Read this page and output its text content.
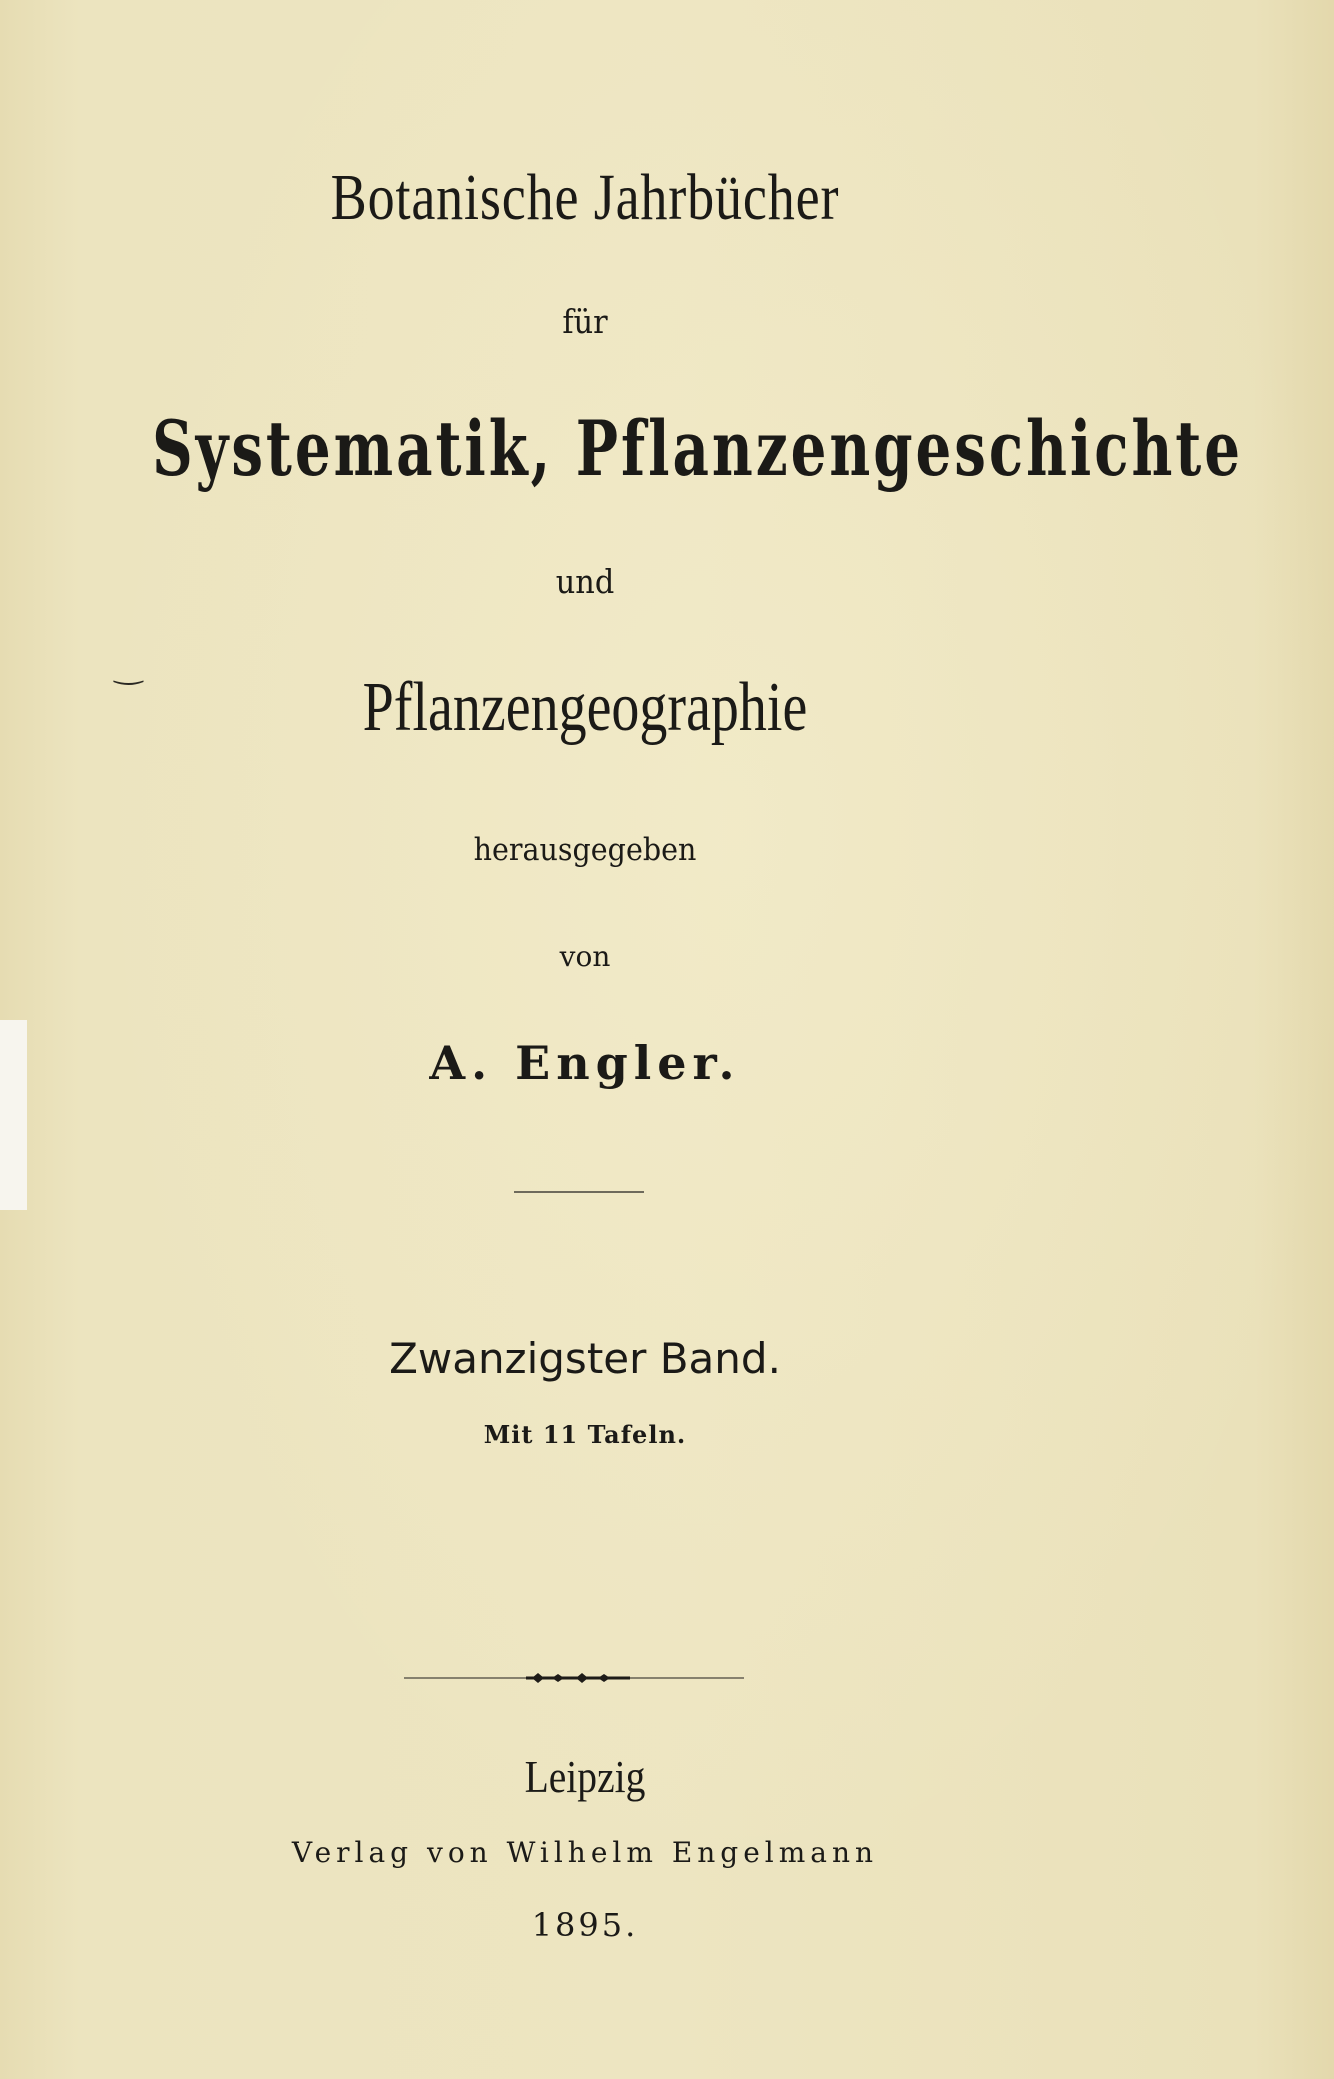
‿
Botanische Jahrbücher
für
Systematik, Pflanzengeschichte
und
Pflanzengeographie
herausgegeben
von
A. Engler.
Zwanzigster Band.
Mit 11 Tafeln.
Leipzig
Verlag von Wilhelm Engelmann
1895.
